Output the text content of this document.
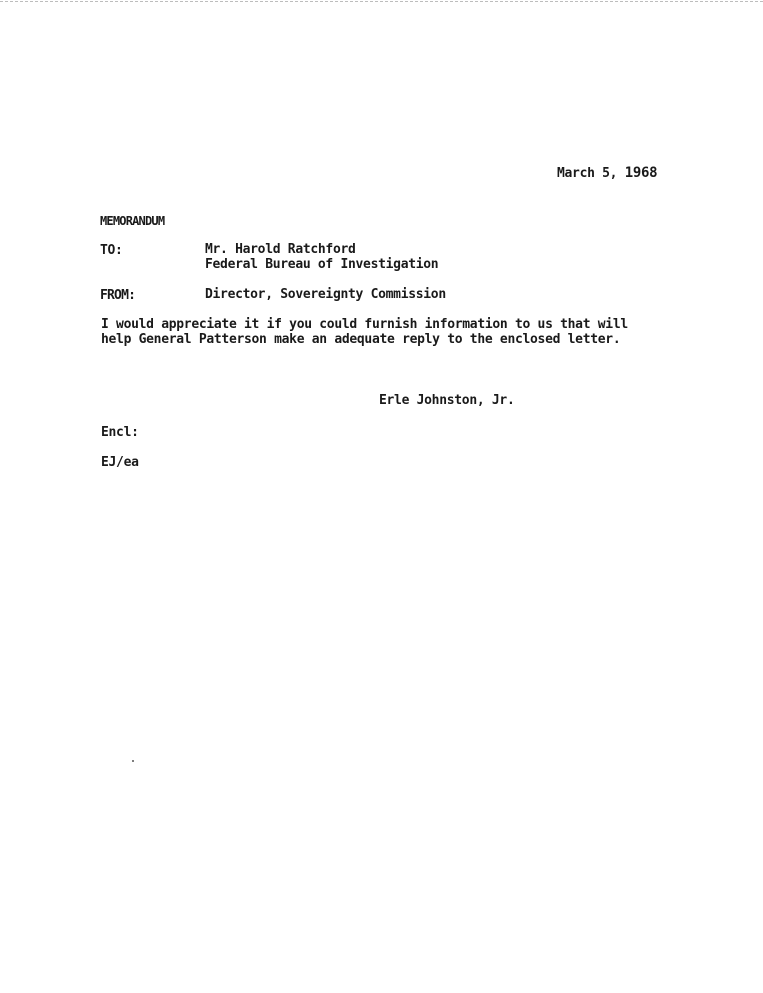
March 5, 1968
MEMORANDUM
TO:	Mr. Harold Ratchford
Federal Bureau of Investigation
FROM:	Director, Sovereignty Commission
I would appreciate it if you could furnish information to us that will
help General Patterson make an adequate reply to the enclosed letter.
Erle Johnston, Jr.
Encl:
EJ/ea
